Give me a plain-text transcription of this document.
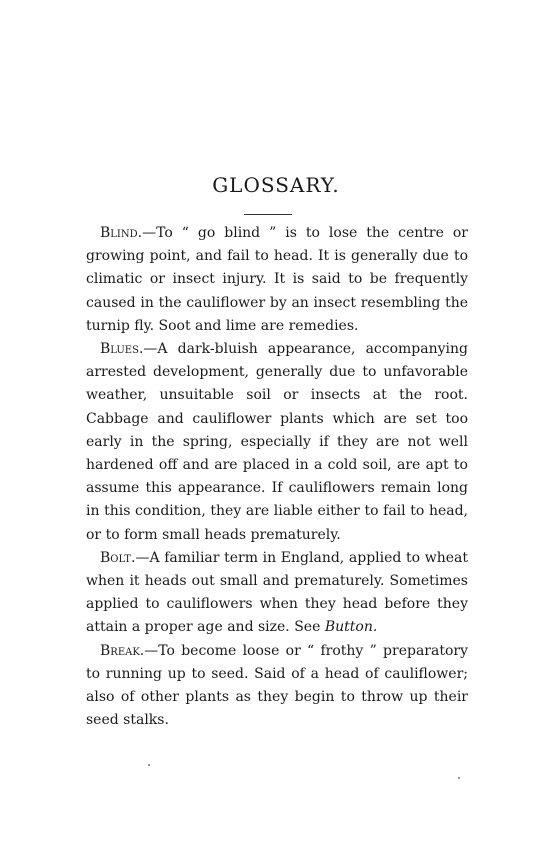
GLOSSARY.

Blind.—To “ go blind ” is to lose the centre or growing point, and fail to head. It is generally due to climatic or insect injury. It is said to be frequently caused in the cauliflower by an insect resembling the turnip fly. Soot and lime are remedies.

Blues.—A dark-bluish appearance, accompanying arrested development, generally due to unfavorable weather, unsuitable soil or insects at the root. Cabbage and cauliflower plants which are set too early in the spring, especially if they are not well hardened off and are placed in a cold soil, are apt to assume this appearance. If cauliflowers remain long in this condition, they are liable either to fail to head, or to form small heads prematurely.

Bolt.—A familiar term in England, applied to wheat when it heads out small and prematurely. Sometimes applied to cauliflowers when they head before they attain a proper age and size. See Button.

Break.—To become loose or “ frothy ” preparatory to running up to seed. Said of a head of cauliflower; also of other plants as they begin to throw up their seed stalks.
